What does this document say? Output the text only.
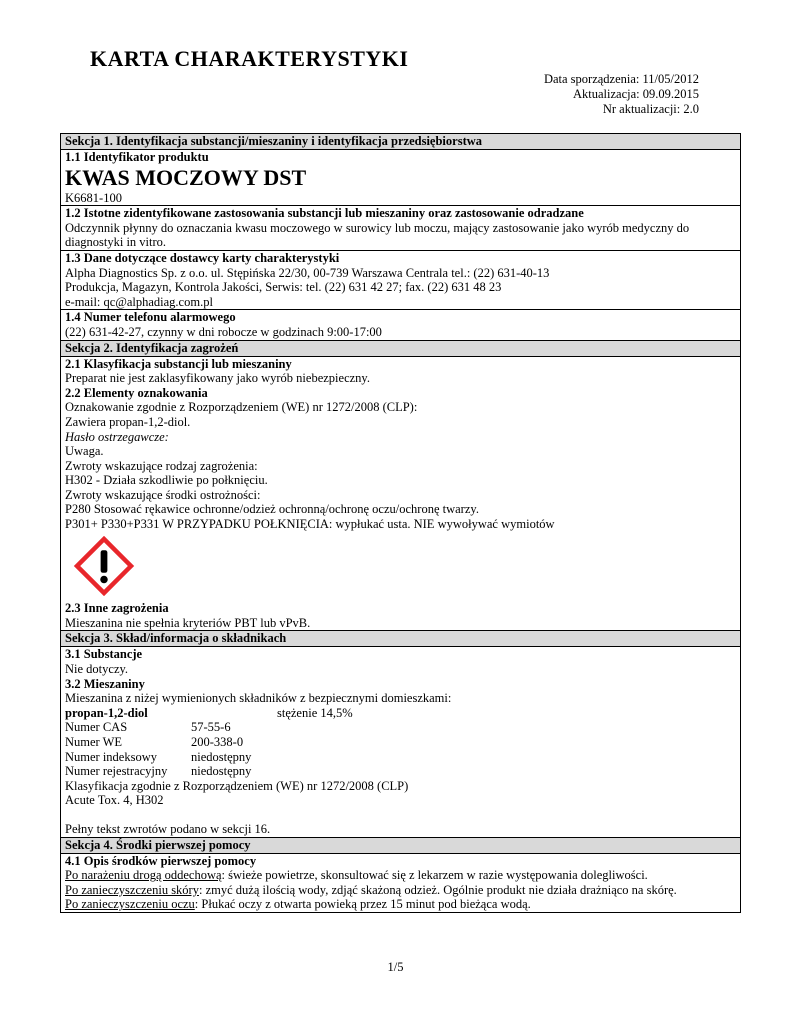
KARTA CHARAKTERYSTYKI
Data sporządzenia: 11/05/2012
Aktualizacja: 09.09.2015
Nr aktualizacji: 2.0
Sekcja 1. Identyfikacja substancji/mieszaniny i identyfikacja przedsiębiorstwa
1.1 Identyfikator produktu
KWAS MOCZOWY DST
K6681-100
1.2 Istotne zidentyfikowane zastosowania substancji lub mieszaniny oraz zastosowanie odradzane
Odczynnik płynny do oznaczania kwasu moczowego w surowicy lub moczu, mający zastosowanie jako wyrób medyczny do diagnostyki in vitro.
1.3 Dane dotyczące dostawcy karty charakterystyki
Alpha Diagnostics Sp. z o.o. ul. Stępińska 22/30, 00-739 Warszawa Centrala tel.: (22) 631-40-13
Produkcja, Magazyn, Kontrola Jakości, Serwis: tel. (22) 631 42 27; fax. (22) 631 48 23
e-mail: qc@alphadiag.com.pl
1.4 Numer telefonu alarmowego
(22) 631-42-27, czynny w dni robocze w godzinach 9:00-17:00
Sekcja 2. Identyfikacja zagrożeń
2.1 Klasyfikacja substancji lub mieszaniny
Preparat nie jest zaklasyfikowany jako wyrób niebezpieczny.
2.2 Elementy oznakowania
Oznakowanie zgodnie z Rozporządzeniem (WE) nr 1272/2008 (CLP):
Zawiera propan-1,2-diol.
Hasło ostrzegawcze:
Uwaga.
Zwroty wskazujące rodzaj zagrożenia:
H302 - Działa szkodliwie po połknięciu.
Zwroty wskazujące środki ostrożności:
P280 Stosować rękawice ochronne/odzież ochronną/ochronę oczu/ochronę twarzy.
P301+ P330+P331 W PRZYPADKU POŁKNIĘCIA: wypłukać usta. NIE wywoływać wymiotów
2.3 Inne zagrożenia
Mieszanina nie spełnia kryteriów PBT lub vPvB.
Sekcja 3. Skład/informacja o składnikach
3.1 Substancje
Nie dotyczy.
3.2 Mieszaniny
Mieszanina z niżej wymienionych składników z bezpiecznymi domieszkami:
propan-1,2-diol	stężenie 14,5%
Numer CAS	57-55-6
Numer WE	200-338-0
Numer indeksowy	niedostępny
Numer rejestracyjny	niedostępny
Klasyfikacja zgodnie z Rozporządzeniem (WE) nr 1272/2008 (CLP)
Acute Tox. 4, H302
Pełny tekst zwrotów podano w sekcji 16.
Sekcja 4. Środki pierwszej pomocy
4.1 Opis środków pierwszej pomocy
Po narażeniu drogą oddechową: świeże powietrze, skonsultować się z lekarzem w razie występowania dolegliwości.
Po zanieczyszczeniu skóry: zmyć dużą ilością wody, zdjąć skażoną odzież. Ogólnie produkt nie działa drażniąco na skórę.
Po zanieczyszczeniu oczu: Płukać oczy z otwarta powieką przez 15 minut pod bieżąca wodą.
1/5
